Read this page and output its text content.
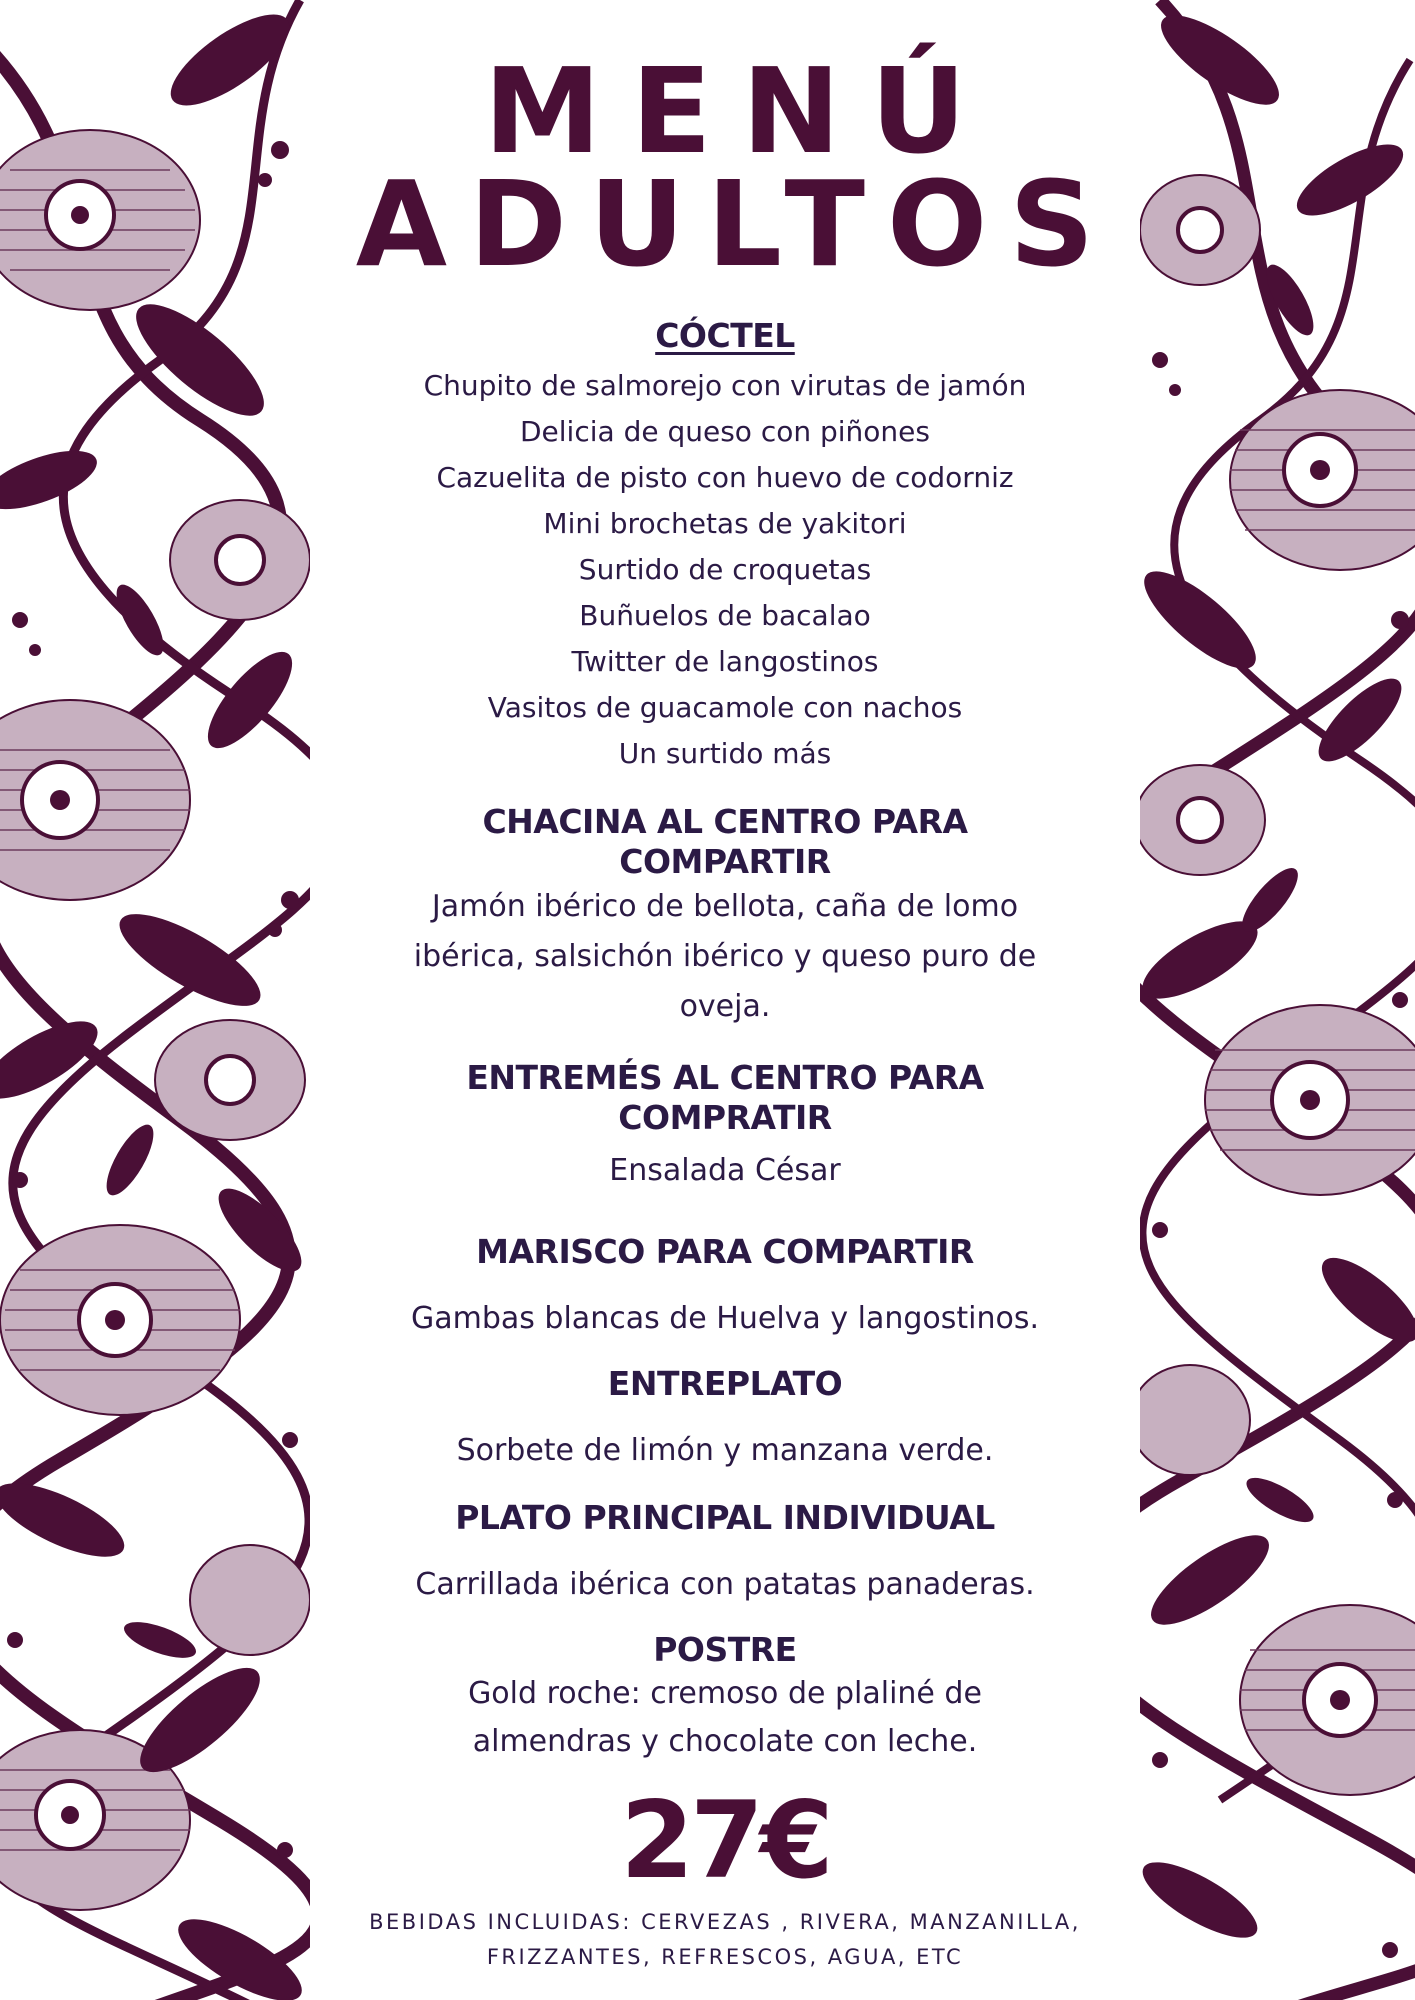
MENÚ
ADULTOS

CÓCTEL

Chupito de salmorejo con virutas de jamón

Delicia de queso con piñones

Cazuelita de pisto con huevo de codorniz

Mini brochetas de yakitori

Surtido de croquetas

Buñuelos de bacalao

Twitter de langostinos

Vasitos de guacamole con nachos

Un surtido más

CHACINA AL CENTRO PARA

COMPARTIR

Jamón ibérico de bellota, caña de lomo

ibérica, salsichón ibérico y queso puro de

oveja.

ENTREMÉS AL CENTRO PARA

COMPRATIR

Ensalada César

MARISCO PARA COMPARTIR

Gambas blancas de Huelva y langostinos.

ENTREPLATO

Sorbete de limón y manzana verde.

PLATO PRINCIPAL INDIVIDUAL

Carrillada ibérica con patatas panaderas.

POSTRE

Gold roche: cremoso de plaliné de

almendras y chocolate con leche.

27€
BEBIDAS INCLUIDAS: CERVEZAS , RIVERA, MANZANILLA,
FRIZZANTES, REFRESCOS, AGUA, ETC
